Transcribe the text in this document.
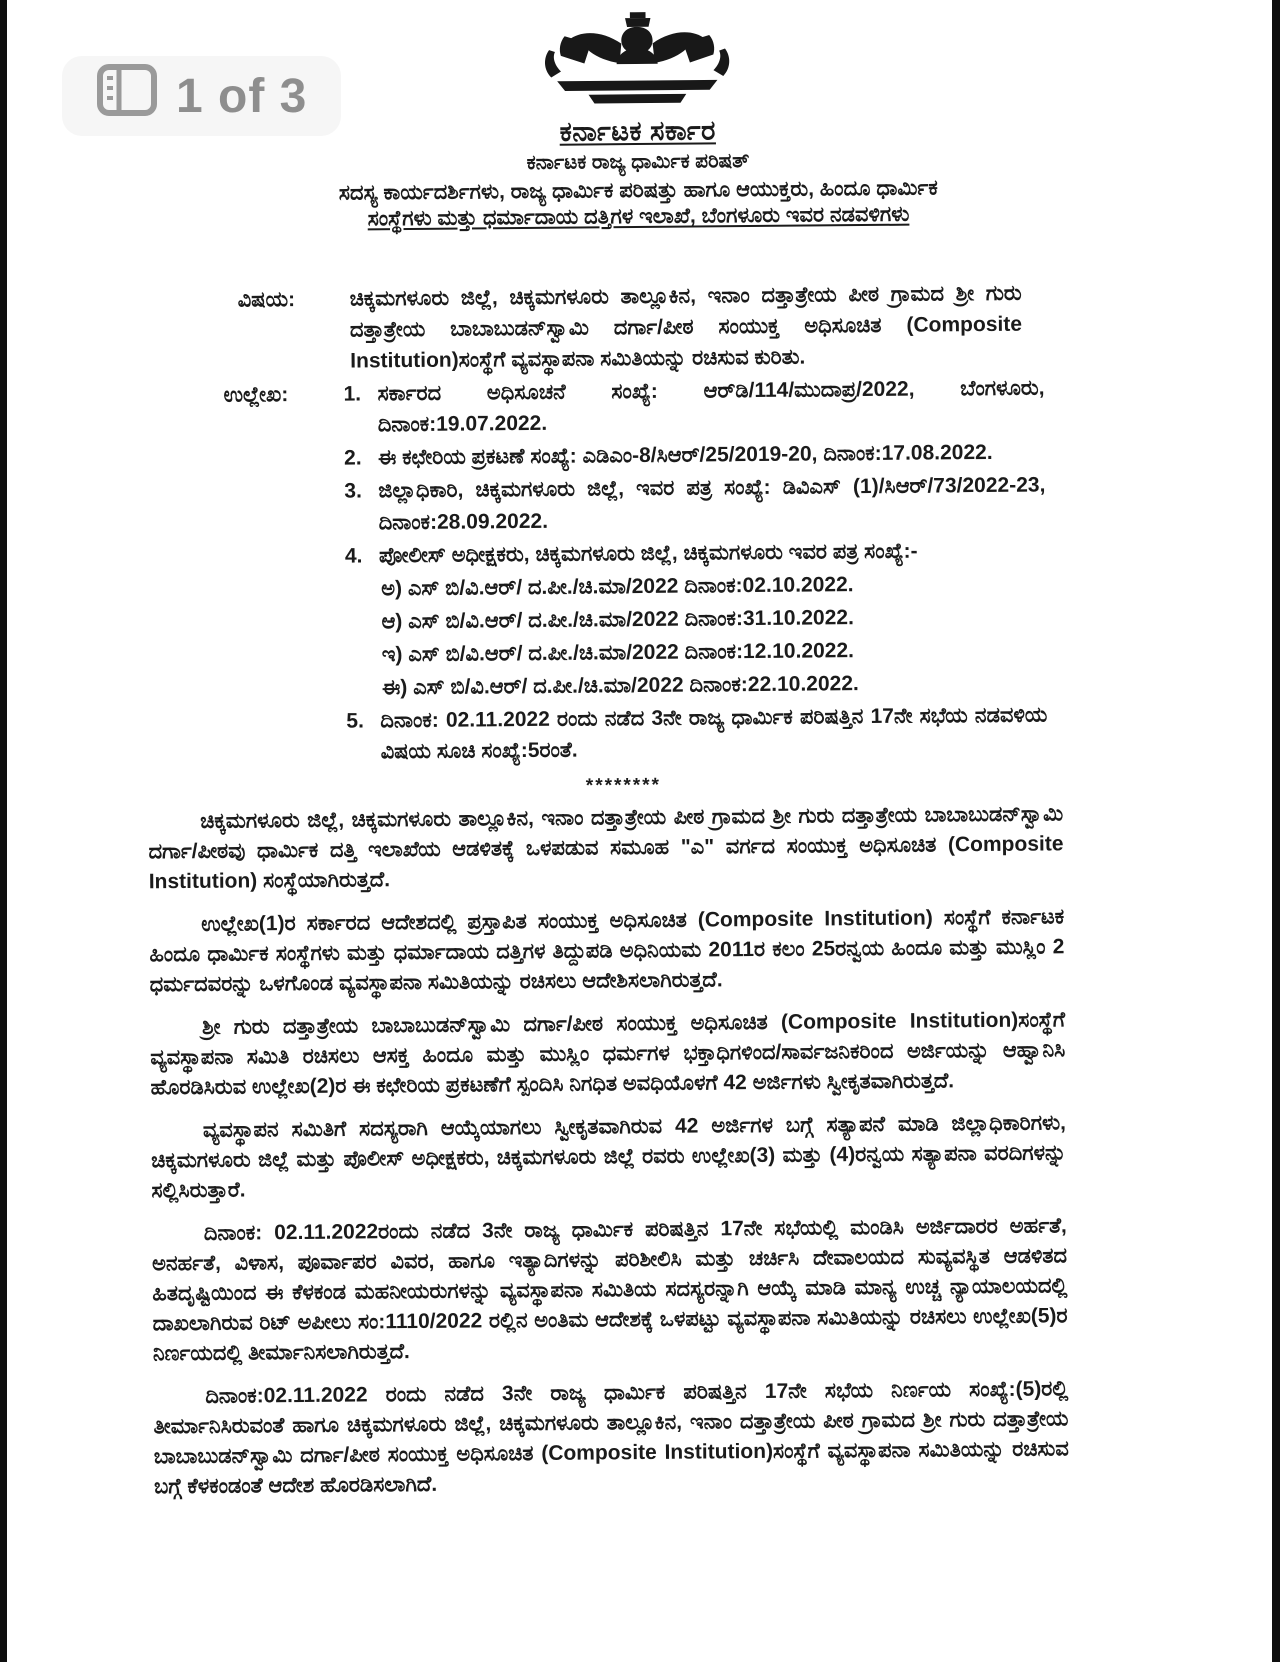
1 of 3
ಕರ್ನಾಟಕ ಸರ್ಕಾರ
ಕರ್ನಾಟಕ ರಾಜ್ಯ ಧಾರ್ಮಿಕ ಪರಿಷತ್
ಸದಸ್ಯ ಕಾರ್ಯದರ್ಶಿಗಳು, ರಾಜ್ಯ ಧಾರ್ಮಿಕ ಪರಿಷತ್ತು ಹಾಗೂ ಆಯುಕ್ತರು, ಹಿಂದೂ ಧಾರ್ಮಿಕ
ಸಂಸ್ಥೆಗಳು ಮತ್ತು ಧರ್ಮಾದಾಯ ದತ್ತಿಗಳ ಇಲಾಖೆ, ಬೆಂಗಳೂರು ಇವರ ನಡವಳಿಗಳು
ವಿಷಯ:	ಚಿಕ್ಕಮಗಳೂರು ಜಿಲ್ಲೆ, ಚಿಕ್ಕಮಗಳೂರು ತಾಲ್ಲೂಕಿನ, ಇನಾಂ ದತ್ತಾತ್ರೇಯ ಪೀಠ ಗ್ರಾಮದ ಶ್ರೀ ಗುರು ದತ್ತಾತ್ರೇಯ ಬಾಬಾಬುಡನ್‌ಸ್ವಾಮಿ ದರ್ಗಾ/ಪೀಠ ಸಂಯುಕ್ತ ಅಧಿಸೂಚಿತ (Composite Institution)ಸಂಸ್ಥೆಗೆ ವ್ಯವಸ್ಥಾಪನಾ ಸಮಿತಿಯನ್ನು ರಚಿಸುವ ಕುರಿತು.
ಉಲ್ಲೇಖ:	1. ಸರ್ಕಾರದ ಅಧಿಸೂಚನೆ ಸಂಖ್ಯೆ: ಆರ್‌ಡಿ/114/ಮುದಾಪ್ರ/2022, ಬೆಂಗಳೂರು, ದಿನಾಂಕ:19.07.2022.
2. ಈ ಕಛೇರಿಯ ಪ್ರಕಟಣೆ ಸಂಖ್ಯೆ: ಎಡಿಎಂ-8/ಸಿಆರ್/25/2019-20, ದಿನಾಂಕ:17.08.2022.
3. ಜಿಲ್ಲಾಧಿಕಾರಿ, ಚಿಕ್ಕಮಗಳೂರು ಜಿಲ್ಲೆ, ಇವರ ಪತ್ರ ಸಂಖ್ಯೆ: ಡಿವಿಎಸ್ (1)/ಸಿಆರ್/73/2022-23, ದಿನಾಂಕ:28.09.2022.
4. ಪೋಲೀಸ್ ಅಧೀಕ್ಷಕರು, ಚಿಕ್ಕಮಗಳೂರು ಜಿಲ್ಲೆ, ಚಿಕ್ಕಮಗಳೂರು ಇವರ ಪತ್ರ ಸಂಖ್ಯೆ:-
ಅ) ಎಸ್ ಬಿ/ವಿ.ಆರ್/ ದ.ಪೀ./ಚಿ.ಮಾ/2022 ದಿನಾಂಕ:02.10.2022.
ಆ) ಎಸ್ ಬಿ/ವಿ.ಆರ್/ ದ.ಪೀ./ಚಿ.ಮಾ/2022 ದಿನಾಂಕ:31.10.2022.
ಇ) ಎಸ್ ಬಿ/ವಿ.ಆರ್/ ದ.ಪೀ./ಚಿ.ಮಾ/2022 ದಿನಾಂಕ:12.10.2022.
ಈ) ಎಸ್ ಬಿ/ವಿ.ಆರ್/ ದ.ಪೀ./ಚಿ.ಮಾ/2022 ದಿನಾಂಕ:22.10.2022.
5. ದಿನಾಂಕ: 02.11.2022 ರಂದು ನಡೆದ 3ನೇ ರಾಜ್ಯ ಧಾರ್ಮಿಕ ಪರಿಷತ್ತಿನ 17ನೇ ಸಭೆಯ ನಡವಳಿಯ ವಿಷಯ ಸೂಚಿ ಸಂಖ್ಯೆ:5ರಂತೆ.
********

ಚಿಕ್ಕಮಗಳೂರು ಜಿಲ್ಲೆ, ಚಿಕ್ಕಮಗಳೂರು ತಾಲ್ಲೂಕಿನ, ಇನಾಂ ದತ್ತಾತ್ರೇಯ ಪೀಠ ಗ್ರಾಮದ ಶ್ರೀ ಗುರು ದತ್ತಾತ್ರೇಯ ಬಾಬಾಬುಡನ್‌ಸ್ವಾಮಿ ದರ್ಗಾ/ಪೀಠವು ಧಾರ್ಮಿಕ ದತ್ತಿ ಇಲಾಖೆಯ ಆಡಳಿತಕ್ಕೆ ಒಳಪಡುವ ಸಮೂಹ "ಎ" ವರ್ಗದ ಸಂಯುಕ್ತ ಅಧಿಸೂಚಿತ (Composite Institution) ಸಂಸ್ಥೆಯಾಗಿರುತ್ತದೆ.

ಉಲ್ಲೇಖ(1)ರ ಸರ್ಕಾರದ ಆದೇಶದಲ್ಲಿ ಪ್ರಸ್ತಾಪಿತ ಸಂಯುಕ್ತ ಅಧಿಸೂಚಿತ (Composite Institution) ಸಂಸ್ಥೆಗೆ ಕರ್ನಾಟಕ ಹಿಂದೂ ಧಾರ್ಮಿಕ ಸಂಸ್ಥೆಗಳು ಮತ್ತು ಧರ್ಮಾದಾಯ ದತ್ತಿಗಳ ತಿದ್ದುಪಡಿ ಅಧಿನಿಯಮ 2011ರ ಕಲಂ 25ರನ್ವಯ ಹಿಂದೂ ಮತ್ತು ಮುಸ್ಲಿಂ 2 ಧರ್ಮದವರನ್ನು ಒಳಗೊಂಡ ವ್ಯವಸ್ಥಾಪನಾ ಸಮಿತಿಯನ್ನು ರಚಿಸಲು ಆದೇಶಿಸಲಾಗಿರುತ್ತದೆ.

ಶ್ರೀ ಗುರು ದತ್ತಾತ್ರೇಯ ಬಾಬಾಬುಡನ್‌ಸ್ವಾಮಿ ದರ್ಗಾ/ಪೀಠ ಸಂಯುಕ್ತ ಅಧಿಸೂಚಿತ (Composite Institution)ಸಂಸ್ಥೆಗೆ ವ್ಯವಸ್ಥಾಪನಾ ಸಮಿತಿ ರಚಿಸಲು ಆಸಕ್ತ ಹಿಂದೂ ಮತ್ತು ಮುಸ್ಲಿಂ ಧರ್ಮಗಳ ಭಕ್ತಾಧಿಗಳಿಂದ/ಸಾರ್ವಜನಿಕರಿಂದ ಅರ್ಜಿಯನ್ನು ಆಹ್ವಾನಿಸಿ ಹೊರಡಿಸಿರುವ ಉಲ್ಲೇಖ(2)ರ ಈ ಕಛೇರಿಯ ಪ್ರಕಟಣೆಗೆ ಸ್ಪಂದಿಸಿ ನಿಗಧಿತ ಅವಧಿಯೊಳಗೆ 42 ಅರ್ಜಿಗಳು ಸ್ವೀಕೃತವಾಗಿರುತ್ತದೆ.

ವ್ಯವಸ್ಥಾಪನ ಸಮಿತಿಗೆ ಸದಸ್ಯರಾಗಿ ಆಯ್ಕೆಯಾಗಲು ಸ್ವೀಕೃತವಾಗಿರುವ 42 ಅರ್ಜಿಗಳ ಬಗ್ಗೆ ಸತ್ಯಾಪನೆ ಮಾಡಿ ಜಿಲ್ಲಾಧಿಕಾರಿಗಳು, ಚಿಕ್ಕಮಗಳೂರು ಜಿಲ್ಲೆ ಮತ್ತು ಪೊಲೀಸ್ ಅಧೀಕ್ಷಕರು, ಚಿಕ್ಕಮಗಳೂರು ಜಿಲ್ಲೆ ರವರು ಉಲ್ಲೇಖ(3) ಮತ್ತು (4)ರನ್ವಯ ಸತ್ಯಾಪನಾ ವರದಿಗಳನ್ನು ಸಲ್ಲಿಸಿರುತ್ತಾರೆ.

ದಿನಾಂಕ: 02.11.2022ರಂದು ನಡೆದ 3ನೇ ರಾಜ್ಯ ಧಾರ್ಮಿಕ ಪರಿಷತ್ತಿನ 17ನೇ ಸಭೆಯಲ್ಲಿ ಮಂಡಿಸಿ ಅರ್ಜಿದಾರರ ಅರ್ಹತೆ, ಅನರ್ಹತೆ, ವಿಳಾಸ, ಪೂರ್ವಾಪರ ವಿವರ, ಹಾಗೂ ಇತ್ಯಾದಿಗಳನ್ನು ಪರಿಶೀಲಿಸಿ ಮತ್ತು ಚರ್ಚಿಸಿ ದೇವಾಲಯದ ಸುವ್ಯವಸ್ಥಿತ ಆಡಳಿತದ ಹಿತದೃಷ್ಟಿಯಿಂದ ಈ ಕೆಳಕಂಡ ಮಹನೀಯರುಗಳನ್ನು ವ್ಯವಸ್ಥಾಪನಾ ಸಮಿತಿಯ ಸದಸ್ಯರನ್ನಾಗಿ ಆಯ್ಕೆ ಮಾಡಿ ಮಾನ್ಯ ಉಚ್ಚ ನ್ಯಾಯಾಲಯದಲ್ಲಿ ದಾಖಲಾಗಿರುವ ರಿಟ್ ಅಪೀಲು ಸಂ:1110/2022 ರಲ್ಲಿನ ಅಂತಿಮ ಆದೇಶಕ್ಕೆ ಒಳಪಟ್ಟು ವ್ಯವಸ್ಥಾಪನಾ ಸಮಿತಿಯನ್ನು ರಚಿಸಲು ಉಲ್ಲೇಖ(5)ರ ನಿರ್ಣಯದಲ್ಲಿ ತೀರ್ಮಾನಿಸಲಾಗಿರುತ್ತದೆ.

ದಿನಾಂಕ:02.11.2022 ರಂದು ನಡೆದ 3ನೇ ರಾಜ್ಯ ಧಾರ್ಮಿಕ ಪರಿಷತ್ತಿನ 17ನೇ ಸಭೆಯ ನಿರ್ಣಯ ಸಂಖ್ಯೆ:(5)ರಲ್ಲಿ ತೀರ್ಮಾನಿಸಿರುವಂತೆ ಹಾಗೂ ಚಿಕ್ಕಮಗಳೂರು ಜಿಲ್ಲೆ, ಚಿಕ್ಕಮಗಳೂರು ತಾಲ್ಲೂಕಿನ, ಇನಾಂ ದತ್ತಾತ್ರೇಯ ಪೀಠ ಗ್ರಾಮದ ಶ್ರೀ ಗುರು ದತ್ತಾತ್ರೇಯ ಬಾಬಾಬುಡನ್‌ಸ್ವಾಮಿ ದರ್ಗಾ/ಪೀಠ ಸಂಯುಕ್ತ ಅಧಿಸೂಚಿತ (Composite Institution)ಸಂಸ್ಥೆಗೆ ವ್ಯವಸ್ಥಾಪನಾ ಸಮಿತಿಯನ್ನು ರಚಿಸುವ ಬಗ್ಗೆ ಕೆಳಕಂಡಂತೆ ಆದೇಶ ಹೊರಡಿಸಲಾಗಿದೆ.
